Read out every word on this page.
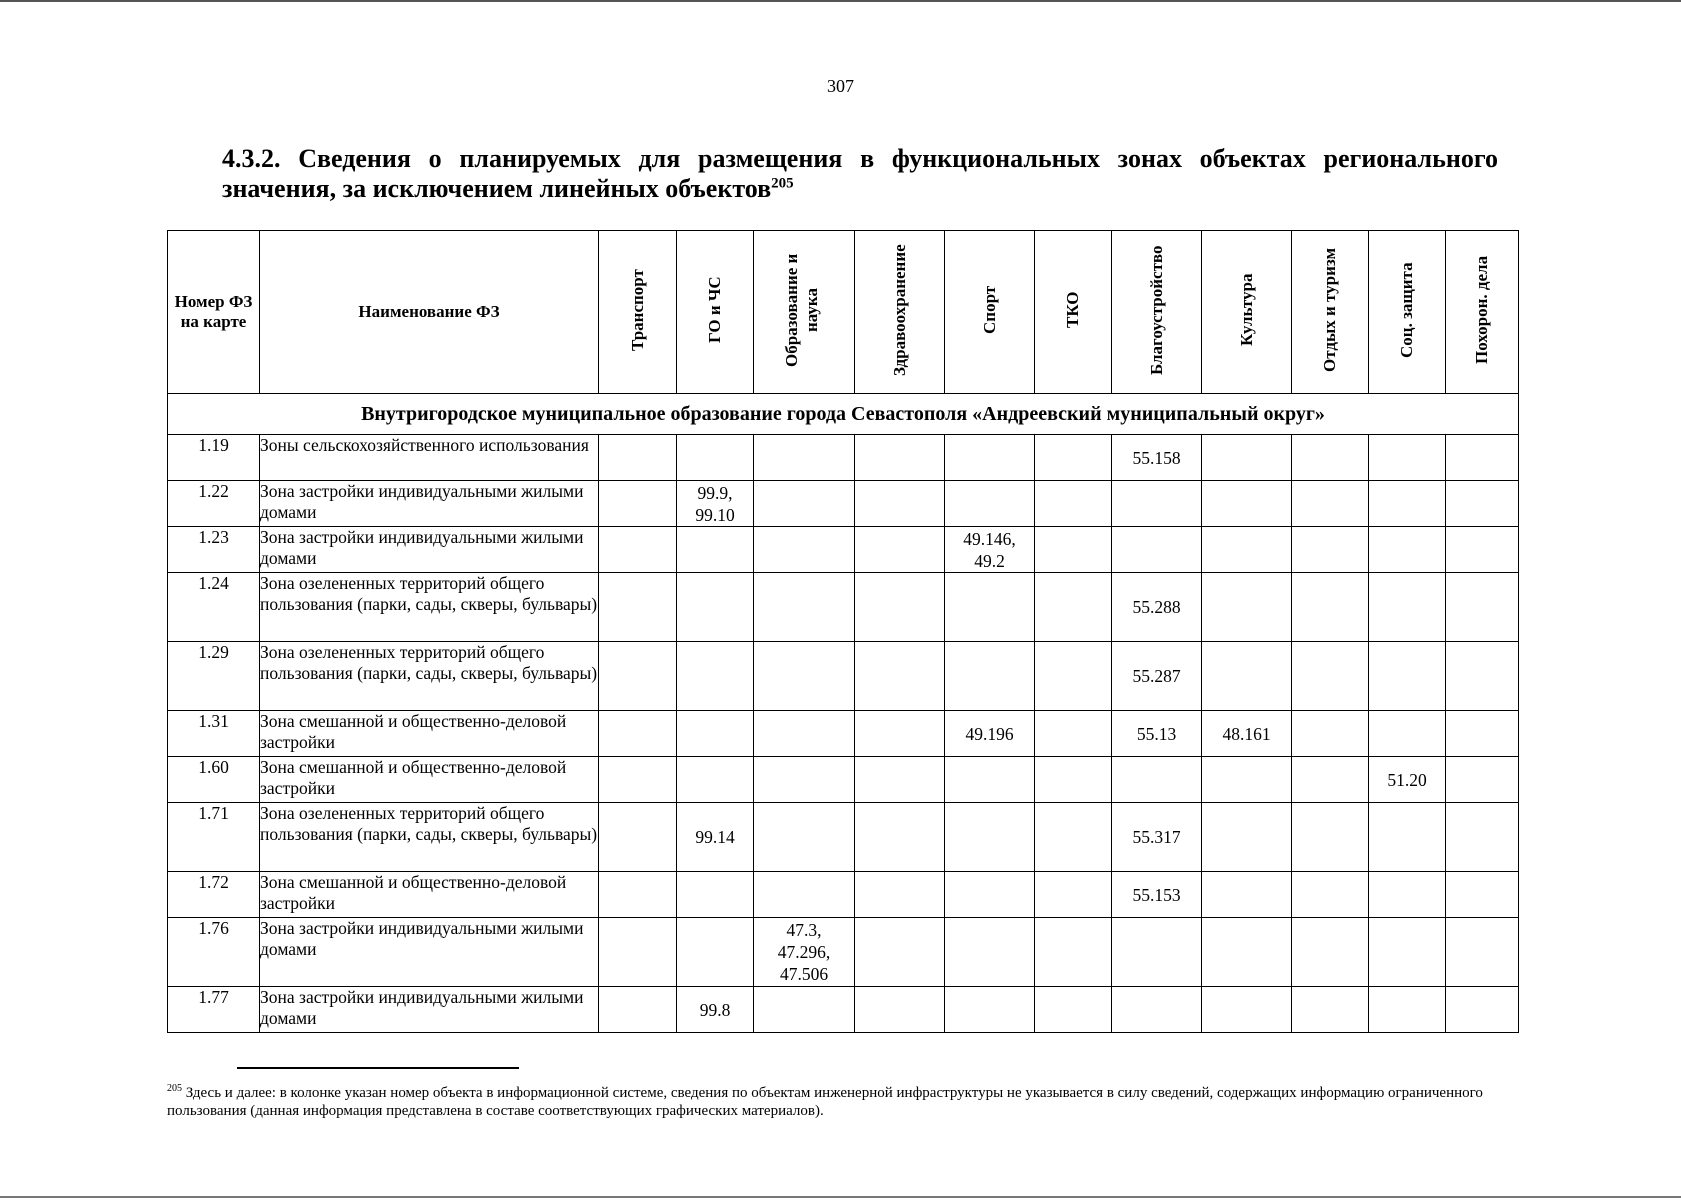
307
4.3.2. Сведения о планируемых для размещения в функциональных зонах объектах регионального значения, за исключением линейных объектов$^{205}$
Номер ФЗ на карте	Наименование ФЗ	Транспорт	ГО и ЧС	Образование и наука	Здравоохранение	Спорт	ТКО	Благоустройство	Культура	Отдых и туризм	Соц. защита	Похорон. дела
Внутригородское муниципальное образование города Севастополя «Андреевский муниципальный округ»												
1.19	Зоны сельскохозяйственного использования							55.158				
1.22	Зона застройки индивидуальными жилыми домами		99.9,
99.10									
1.23	Зона застройки индивидуальными жилыми домами					49.146,
49.2						
1.24	Зона озелененных территорий общего пользования (парки, сады, скверы, бульвары)							55.288				
1.29	Зона озелененных территорий общего пользования (парки, сады, скверы, бульвары)							55.287				
1.31	Зона смешанной и общественно-деловой застройки					49.196		55.13	48.161			
1.60	Зона смешанной и общественно-деловой застройки										51.20	
1.71	Зона озелененных территорий общего пользования (парки, сады, скверы, бульвары)		99.14					55.317				
1.72	Зона смешанной и общественно-деловой застройки							55.153				
1.76	Зона застройки индивидуальными жилыми домами			47.3,
47.296,
47.506								
1.77	Зона застройки индивидуальными жилыми домами		99.8									
$^{205}$ Здесь и далее: в колонке указан номер объекта в информационной системе, сведения по объектам инженерной инфраструктуры не указывается в силу сведений, содержащих информацию ограниченного пользования (данная информация представлена в составе соответствующих графических материалов).
